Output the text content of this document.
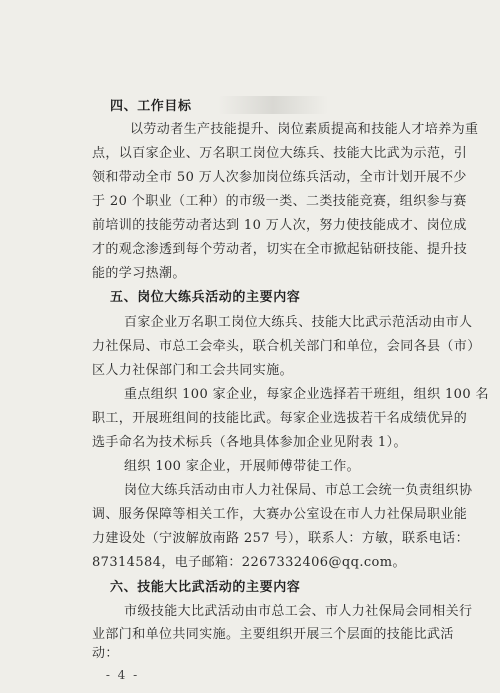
四、工作目标
以劳动者生产技能提升、岗位素质提高和技能人才培养为重
点，以百家企业、万名职工岗位大练兵、技能大比武为示范，引
领和带动全市 50 万人次参加岗位练兵活动，全市计划开展不少
于 20 个职业（工种）的市级一类、二类技能竞赛，组织参与赛
前培训的技能劳动者达到 10 万人次，努力使技能成才、岗位成
才的观念渗透到每个劳动者，切实在全市掀起钻研技能、提升技
能的学习热潮。
五、岗位大练兵活动的主要内容
百家企业万名职工岗位大练兵、技能大比武示范活动由市人
力社保局、市总工会牵头，联合机关部门和单位，会同各县（市）
区人力社保部门和工会共同实施。
重点组织 100 家企业，每家企业选择若干班组，组织 100 名
职工，开展班组间的技能比武。每家企业选拔若干名成绩优异的
选手命名为技术标兵（各地具体参加企业见附表 1）。
组织 100 家企业，开展师傅带徒工作。
岗位大练兵活动由市人力社保局、市总工会统一负责组织协
调、服务保障等相关工作，大赛办公室设在市人力社保局职业能
力建设处（宁波解放南路 257 号），联系人：方敏，联系电话：
87314584，电子邮箱：2267332406@qq.com。
六、技能大比武活动的主要内容
市级技能大比武活动由市总工会、市人力社保局会同相关行
业部门和单位共同实施。主要组织开展三个层面的技能比武活
动：
- 4 -
